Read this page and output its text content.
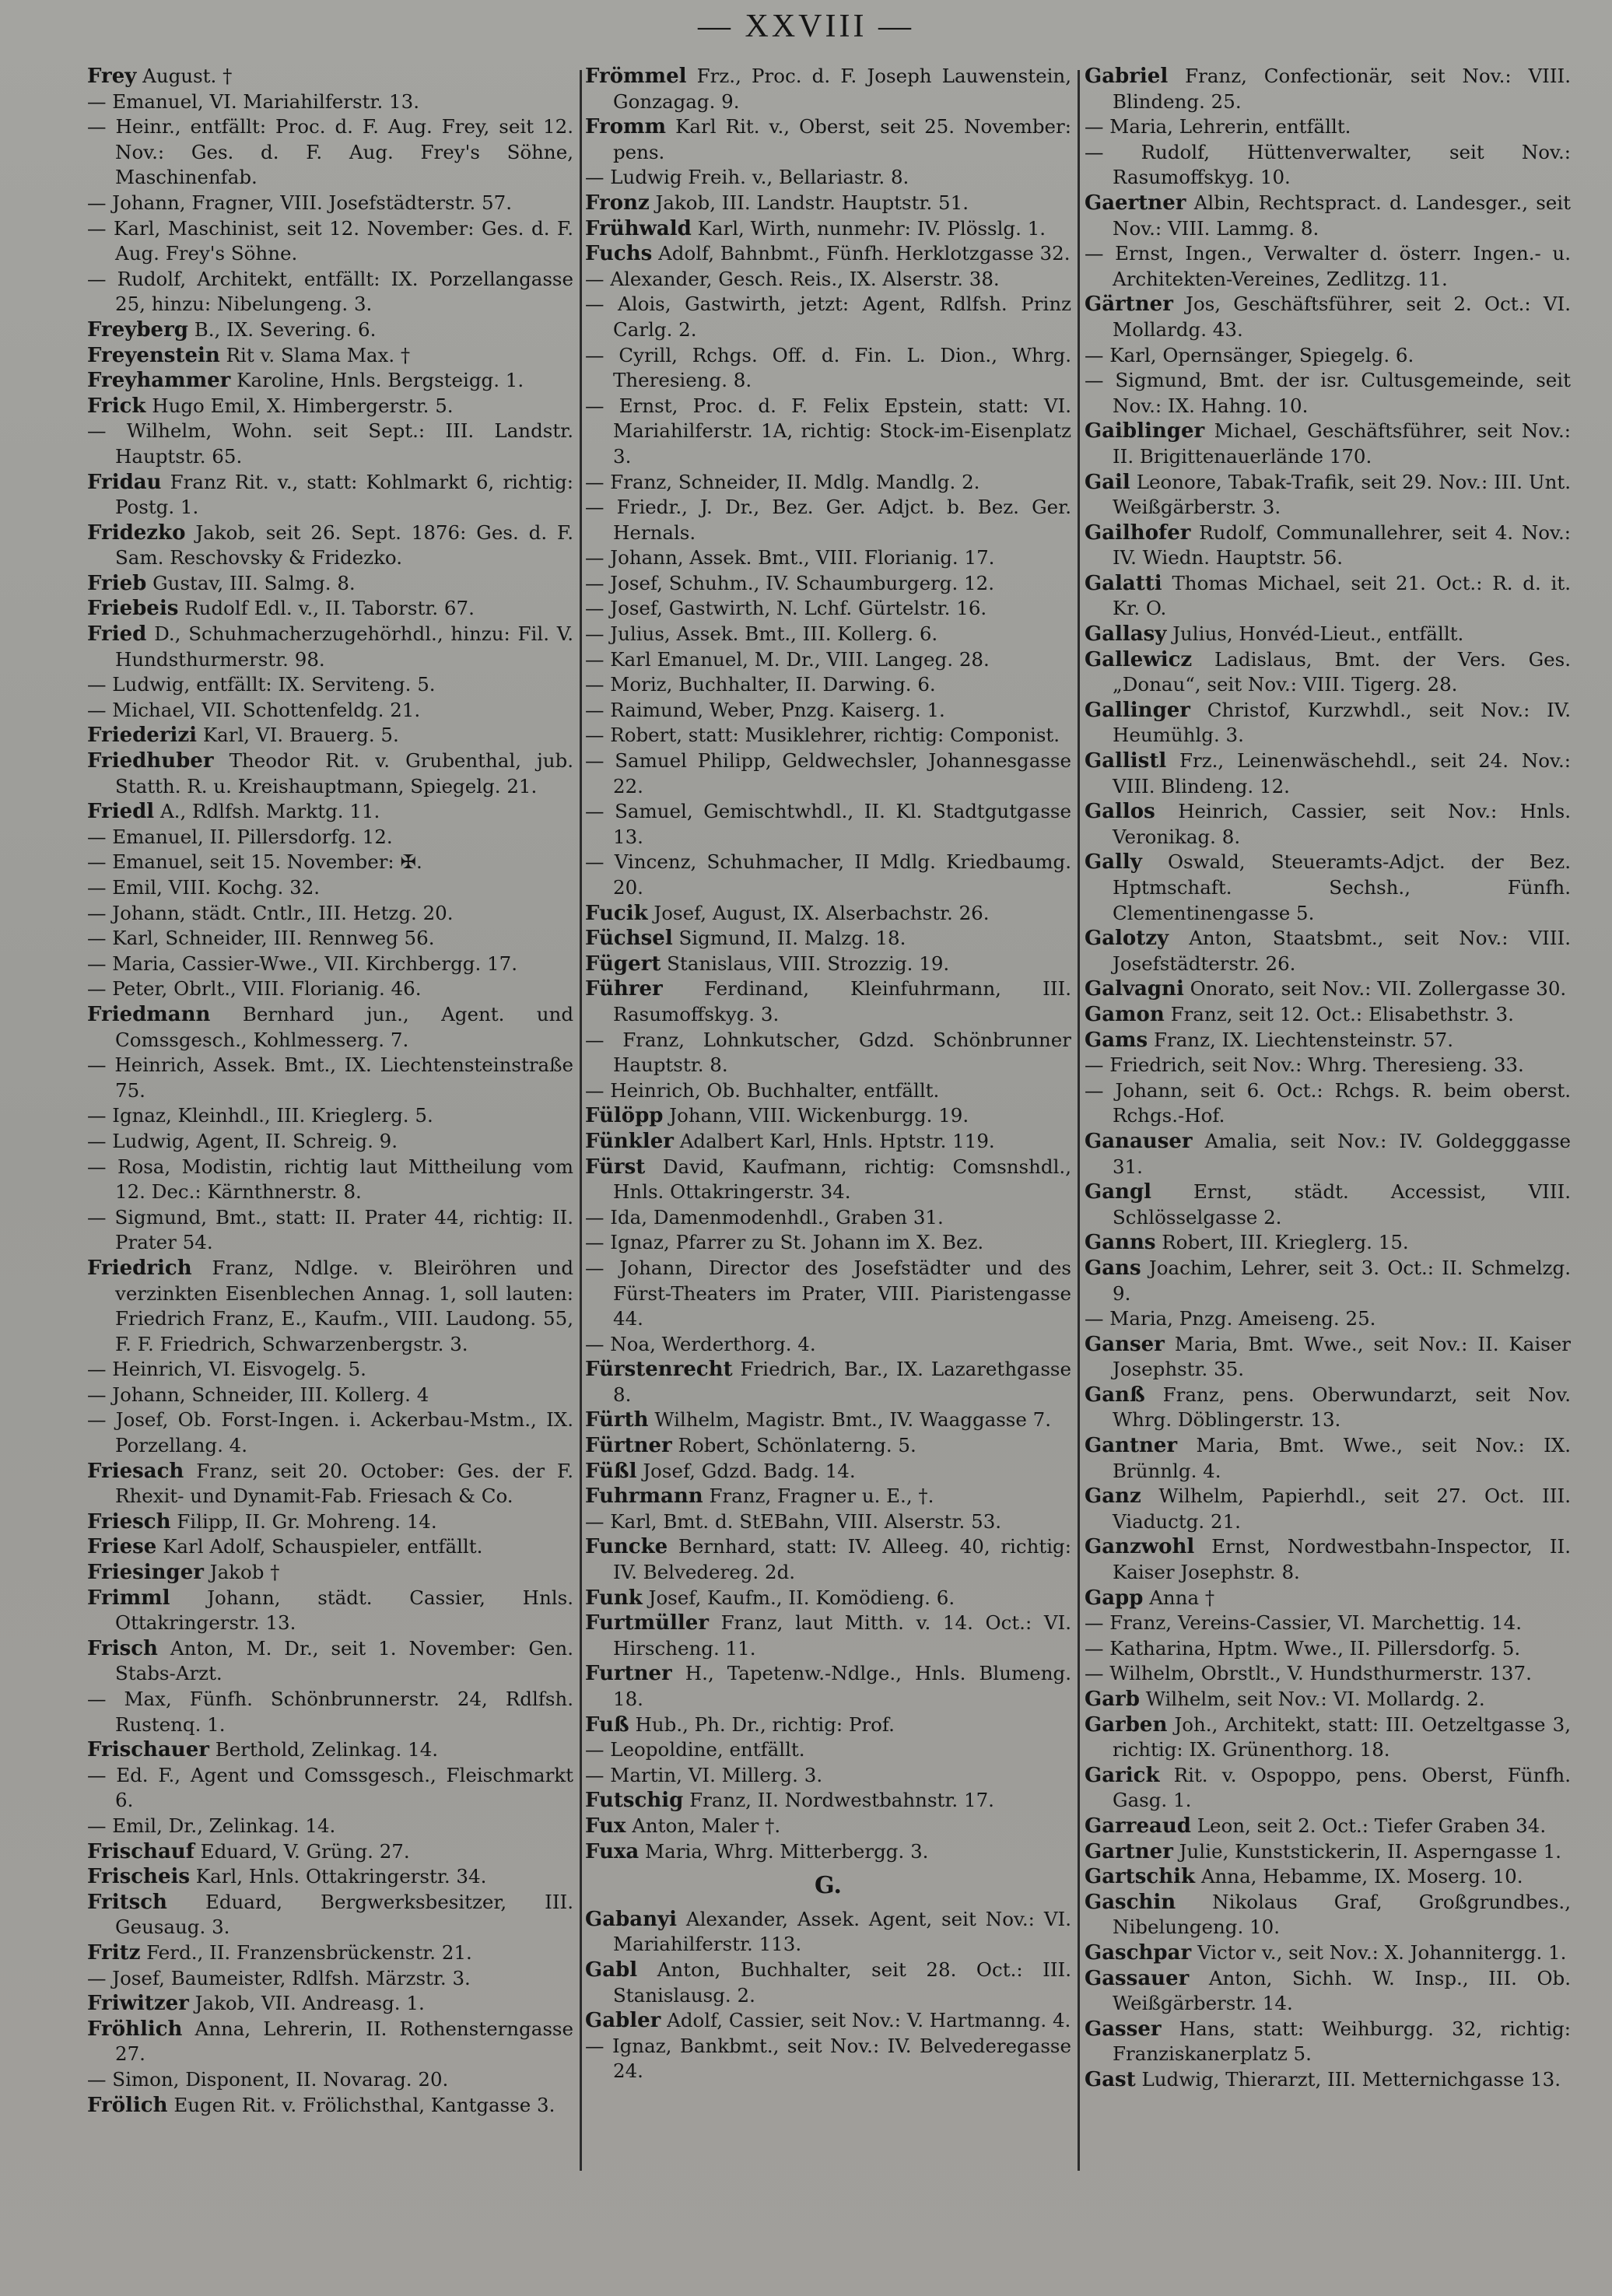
— XXVIII —

Frey August. †

— Emanuel, VI. Mariahilferstr. 13.

— Heinr., entfällt: Proc. d. F. Aug. Frey, seit 12. Nov.: Ges. d. F. Aug. Frey's Söhne, Maschinenfab.

— Johann, Fragner, VIII. Josefstädterstr. 57.

— Karl, Maschinist, seit 12. November: Ges. d. F. Aug. Frey's Söhne.

— Rudolf, Architekt, entfällt: IX. Porzellangasse 25, hinzu: Nibelungeng. 3.

Freyberg B., IX. Severing. 6.

Freyenstein Rit v. Slama Max. †

Freyhammer Karoline, Hnls. Bergsteigg. 1.

Frick Hugo Emil, X. Himbergerstr. 5.

— Wilhelm, Wohn. seit Sept.: III. Landstr. Hauptstr. 65.

Fridau Franz Rit. v., statt: Kohlmarkt 6, richtig: Postg. 1.

Fridezko Jakob, seit 26. Sept. 1876: Ges. d. F. Sam. Reschovsky & Fridezko.

Frieb Gustav, III. Salmg. 8.

Friebeis Rudolf Edl. v., II. Taborstr. 67.

Fried D., Schuhmacherzugehörhdl., hinzu: Fil. V. Hundsthurmerstr. 98.

— Ludwig, entfällt: IX. Serviteng. 5.

— Michael, VII. Schottenfeldg. 21.

Friederizi Karl, VI. Brauerg. 5.

Friedhuber Theodor Rit. v. Grubenthal, jub. Statth. R. u. Kreishauptmann, Spiegelg. 21.

Friedl A., Rdlfsh. Marktg. 11.

— Emanuel, II. Pillersdorfg. 12.

— Emanuel, seit 15. November: ✠.

— Emil, VIII. Kochg. 32.

— Johann, städt. Cntlr., III. Hetzg. 20.

— Karl, Schneider, III. Rennweg 56.

— Maria, Cassier-Wwe., VII. Kirchbergg. 17.

— Peter, Obrlt., VIII. Florianig. 46.

Friedmann Bernhard jun., Agent. und Comssgesch., Kohlmesserg. 7.

— Heinrich, Assek. Bmt., IX. Liechtensteinstraße 75.

— Ignaz, Kleinhdl., III. Krieglerg. 5.

— Ludwig, Agent, II. Schreig. 9.

— Rosa, Modistin, richtig laut Mittheilung vom 12. Dec.: Kärnthnerstr. 8.

— Sigmund, Bmt., statt: II. Prater 44, richtig: II. Prater 54.

Friedrich Franz, Ndlge. v. Bleiröhren und verzinkten Eisenblechen Annag. 1, soll lauten: Friedrich Franz, E., Kaufm., VIII. Laudong. 55, F. F. Friedrich, Schwarzenbergstr. 3.

— Heinrich, VI. Eisvogelg. 5.

— Johann, Schneider, III. Kollerg. 4

— Josef, Ob. Forst-Ingen. i. Ackerbau-Mstm., IX. Porzellang. 4.

Friesach Franz, seit 20. October: Ges. der F. Rhexit- und Dynamit-Fab. Friesach & Co.

Friesch Filipp, II. Gr. Mohreng. 14.

Friese Karl Adolf, Schauspieler, entfällt.

Friesinger Jakob †

Frimml Johann, städt. Cassier, Hnls. Ottakringerstr. 13.

Frisch Anton, M. Dr., seit 1. November: Gen. Stabs-Arzt.

— Max, Fünfh. Schönbrunnerstr. 24, Rdlfsh. Rustenq. 1.

Frischauer Berthold, Zelinkag. 14.

— Ed. F., Agent und Comssgesch., Fleischmarkt 6.

— Emil, Dr., Zelinkag. 14.

Frischauf Eduard, V. Grüng. 27.

Frischeis Karl, Hnls. Ottakringerstr. 34.

Fritsch Eduard, Bergwerksbesitzer, III. Geusaug. 3.

Fritz Ferd., II. Franzensbrückenstr. 21.

— Josef, Baumeister, Rdlfsh. Märzstr. 3.

Friwitzer Jakob, VII. Andreasg. 1.

Fröhlich Anna, Lehrerin, II. Rothensterngasse 27.

— Simon, Disponent, II. Novarag. 20.

Frölich Eugen Rit. v. Frölichsthal, Kantgasse 3.

Frömmel Frz., Proc. d. F. Joseph Lauwenstein, Gonzagag. 9.

Fromm Karl Rit. v., Oberst, seit 25. November: pens.

— Ludwig Freih. v., Bellariastr. 8.

Fronz Jakob, III. Landstr. Hauptstr. 51.

Frühwald Karl, Wirth, nunmehr: IV. Plösslg. 1.

Fuchs Adolf, Bahnbmt., Fünfh. Herklotzgasse 32.

— Alexander, Gesch. Reis., IX. Alserstr. 38.

— Alois, Gastwirth, jetzt: Agent, Rdlfsh. Prinz Carlg. 2.

— Cyrill, Rchgs. Off. d. Fin. L. Dion., Whrg. Theresieng. 8.

— Ernst, Proc. d. F. Felix Epstein, statt: VI. Mariahilferstr. 1A, richtig: Stock-im-Eisenplatz 3.

— Franz, Schneider, II. Mdlg. Mandlg. 2.

— Friedr., J. Dr., Bez. Ger. Adjct. b. Bez. Ger. Hernals.

— Johann, Assek. Bmt., VIII. Florianig. 17.

— Josef, Schuhm., IV. Schaumburgerg. 12.

— Josef, Gastwirth, N. Lchf. Gürtelstr. 16.

— Julius, Assek. Bmt., III. Kollerg. 6.

— Karl Emanuel, M. Dr., VIII. Langeg. 28.

— Moriz, Buchhalter, II. Darwing. 6.

— Raimund, Weber, Pnzg. Kaiserg. 1.

— Robert, statt: Musiklehrer, richtig: Componist.

— Samuel Philipp, Geldwechsler, Johannesgasse 22.

— Samuel, Gemischtwhdl., II. Kl. Stadtgutgasse 13.

— Vincenz, Schuhmacher, II Mdlg. Kriedbaumg. 20.

Fucik Josef, August, IX. Alserbachstr. 26.

Füchsel Sigmund, II. Malzg. 18.

Fügert Stanislaus, VIII. Strozzig. 19.

Führer Ferdinand, Kleinfuhrmann, III. Rasumoffskyg. 3.

— Franz, Lohnkutscher, Gdzd. Schönbrunner Hauptstr. 8.

— Heinrich, Ob. Buchhalter, entfällt.

Fülöpp Johann, VIII. Wickenburgg. 19.

Fünkler Adalbert Karl, Hnls. Hptstr. 119.

Fürst David, Kaufmann, richtig: Comsnshdl., Hnls. Ottakringerstr. 34.

— Ida, Damenmodenhdl., Graben 31.

— Ignaz, Pfarrer zu St. Johann im X. Bez.

— Johann, Director des Josefstädter und des Fürst-Theaters im Prater, VIII. Piaristengasse 44.

— Noa, Werderthorg. 4.

Fürstenrecht Friedrich, Bar., IX. Lazarethgasse 8.

Fürth Wilhelm, Magistr. Bmt., IV. Waaggasse 7.

Fürtner Robert, Schönlaterng. 5.

Füßl Josef, Gdzd. Badg. 14.

Fuhrmann Franz, Fragner u. E., †.

— Karl, Bmt. d. StEBahn, VIII. Alserstr. 53.

Funcke Bernhard, statt: IV. Alleeg. 40, richtig: IV. Belvedereg. 2d.

Funk Josef, Kaufm., II. Komödieng. 6.

Furtmüller Franz, laut Mitth. v. 14. Oct.: VI. Hirscheng. 11.

Furtner H., Tapetenw.-Ndlge., Hnls. Blumeng. 18.

Fuß Hub., Ph. Dr., richtig: Prof.

— Leopoldine, entfällt.

— Martin, VI. Millerg. 3.

Futschig Franz, II. Nordwestbahnstr. 17.

Fux Anton, Maler †.

Fuxa Maria, Whrg. Mitterbergg. 3.

G.

Gabanyi Alexander, Assek. Agent, seit Nov.: VI. Mariahilferstr. 113.

Gabl Anton, Buchhalter, seit 28. Oct.: III. Stanislausg. 2.

Gabler Adolf, Cassier, seit Nov.: V. Hartmanng. 4.

— Ignaz, Bankbmt., seit Nov.: IV. Belvederegasse 24.

Gabriel Franz, Confectionär, seit Nov.: VIII. Blindeng. 25.

— Maria, Lehrerin, entfällt.

— Rudolf, Hüttenverwalter, seit Nov.: Rasumoffskyg. 10.

Gaertner Albin, Rechtspract. d. Landesger., seit Nov.: VIII. Lammg. 8.

— Ernst, Ingen., Verwalter d. österr. Ingen.- u. Architekten-Vereines, Zedlitzg. 11.

Gärtner Jos, Geschäftsführer, seit 2. Oct.: VI. Mollardg. 43.

— Karl, Opernsänger, Spiegelg. 6.

— Sigmund, Bmt. der isr. Cultusgemeinde, seit Nov.: IX. Hahng. 10.

Gaiblinger Michael, Geschäftsführer, seit Nov.: II. Brigittenauerlände 170.

Gail Leonore, Tabak-Trafik, seit 29. Nov.: III. Unt. Weißgärberstr. 3.

Gailhofer Rudolf, Communallehrer, seit 4. Nov.: IV. Wiedn. Hauptstr. 56.

Galatti Thomas Michael, seit 21. Oct.: R. d. it. Kr. O.

Gallasy Julius, Honvéd-Lieut., entfällt.

Gallewicz Ladislaus, Bmt. der Vers. Ges. „Donau“, seit Nov.: VIII. Tigerg. 28.

Gallinger Christof, Kurzwhdl., seit Nov.: IV. Heumühlg. 3.

Gallistl Frz., Leinenwäschehdl., seit 24. Nov.: VIII. Blindeng. 12.

Gallos Heinrich, Cassier, seit Nov.: Hnls. Veronikag. 8.

Gally Oswald, Steueramts-Adjct. der Bez. Hptmschaft. Sechsh., Fünfh. Clementinengasse 5.

Galotzy Anton, Staatsbmt., seit Nov.: VIII. Josefstädterstr. 26.

Galvagni Onorato, seit Nov.: VII. Zollergasse 30.

Gamon Franz, seit 12. Oct.: Elisabethstr. 3.

Gams Franz, IX. Liechtensteinstr. 57.

— Friedrich, seit Nov.: Whrg. Theresieng. 33.

— Johann, seit 6. Oct.: Rchgs. R. beim oberst. Rchgs.-Hof.

Ganauser Amalia, seit Nov.: IV. Goldegggasse 31.

Gangl Ernst, städt. Accessist, VIII. Schlösselgasse 2.

Ganns Robert, III. Krieglerg. 15.

Gans Joachim, Lehrer, seit 3. Oct.: II. Schmelzg. 9.

— Maria, Pnzg. Ameiseng. 25.

Ganser Maria, Bmt. Wwe., seit Nov.: II. Kaiser Josephstr. 35.

Ganß Franz, pens. Oberwundarzt, seit Nov. Whrg. Döblingerstr. 13.

Gantner Maria, Bmt. Wwe., seit Nov.: IX. Brünnlg. 4.

Ganz Wilhelm, Papierhdl., seit 27. Oct. III. Viaductg. 21.

Ganzwohl Ernst, Nordwestbahn-Inspector, II. Kaiser Josephstr. 8.

Gapp Anna †

— Franz, Vereins-Cassier, VI. Marchettig. 14.

— Katharina, Hptm. Wwe., II. Pillersdorfg. 5.

— Wilhelm, Obrstlt., V. Hundsthurmerstr. 137.

Garb Wilhelm, seit Nov.: VI. Mollardg. 2.

Garben Joh., Architekt, statt: III. Oetzeltgasse 3, richtig: IX. Grünenthorg. 18.

Garick Rit. v. Ospoppo, pens. Oberst, Fünfh. Gasg. 1.

Garreaud Leon, seit 2. Oct.: Tiefer Graben 34.

Gartner Julie, Kunststickerin, II. Asperngasse 1.

Gartschik Anna, Hebamme, IX. Moserg. 10.

Gaschin Nikolaus Graf, Großgrundbes., Nibelungeng. 10.

Gaschpar Victor v., seit Nov.: X. Johannitergg. 1.

Gassauer Anton, Sichh. W. Insp., III. Ob. Weißgärberstr. 14.

Gasser Hans, statt: Weihburgg. 32, richtig: Franziskanerplatz 5.

Gast Ludwig, Thierarzt, III. Metternichgasse 13.
